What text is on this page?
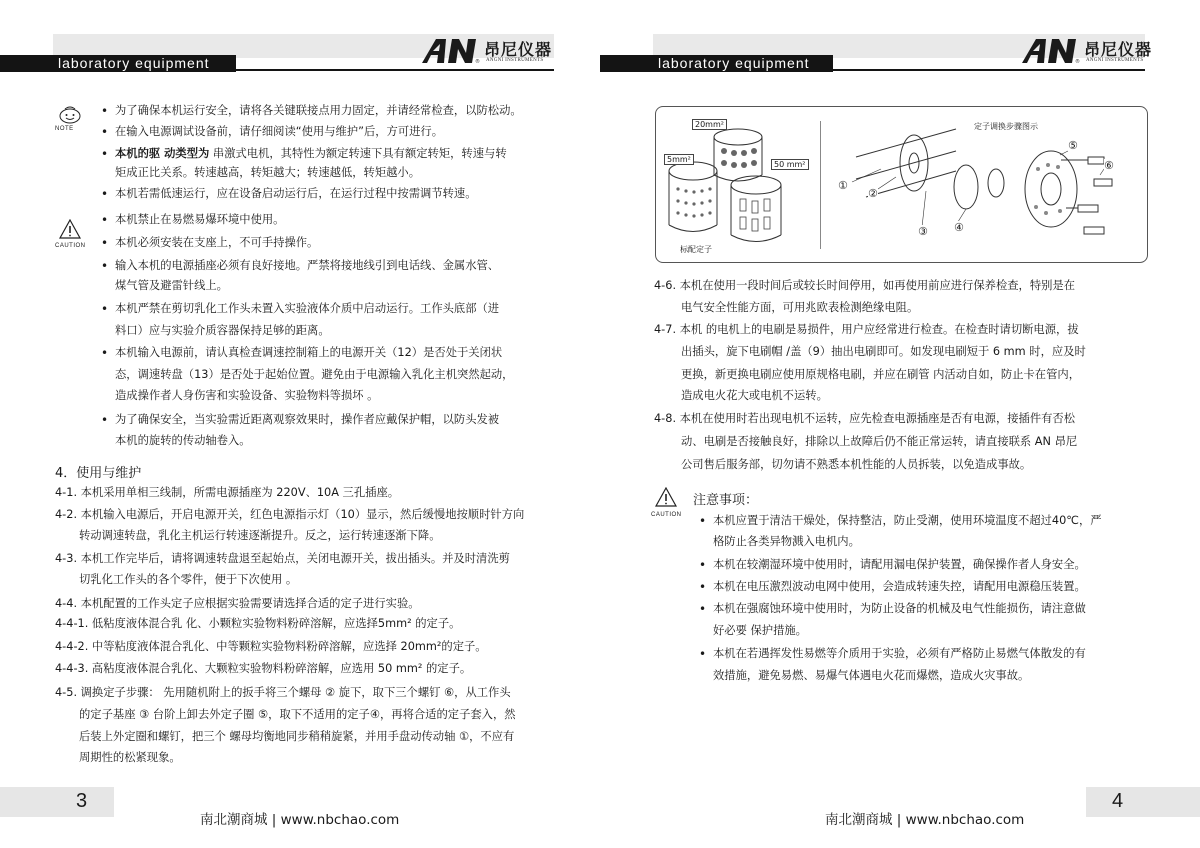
laboratory equipment	®
昂尼仪器
ANGNI INSTRUMENTS
NOTE
CAUTION
• 为了确保本机运行安全，请将各关键联接点用力固定，并请经常检查，以防松动。
• 在输入电源调试设备前，请仔细阅读“使用与维护”后，方可进行。
• 本机的驱 动类型为 串激式电机，其特性为额定转速下具有额定转矩，转速与转
矩成正比关系。转速越高，转矩越大；转速越低，转矩越小。
• 本机若需低速运行，应在设备启动运行后，在运行过程中按需调节转速。
• 本机禁止在易燃易爆环境中使用。
• 本机必须安装在支座上，不可手持操作。
• 输入本机的电源插座必须有良好接地。严禁将接地线引到电话线、金属水管、
煤气管及避雷针线上。
• 本机严禁在剪切乳化工作头未置入实验液体介质中启动运行。工作头底部（进
料口）应与实验介质容器保持足够的距离。
• 本机输入电源前，请认真检查调速控制箱上的电源开关（12）是否处于关闭状
态，调速转盘（13）是否处于起始位置。避免由于电源输入乳化主机突然起动，
造成操作者人身伤害和实验设备、实验物料等损坏 。
• 为了确保安全，当实验需近距离观察效果时，操作者应戴保护帽，以防头发被
本机的旋转的传动轴卷入。
4．使用与维护
4-1. 本机采用单相三线制，所需电源插座为 220V、10A 三孔插座。
4-2. 本机输入电源后，开启电源开关，红色电源指示灯（10）显示，然后缓慢地按顺时针方向
转动调速转盘，乳化主机运行转速逐渐提升。反之，运行转速逐渐下降。
4-3. 本机工作完毕后，请将调速转盘退至起始点，关闭电源开关，拔出插头。并及时清洗剪
切乳化工作头的各个零件，便于下次使用 。
4-4. 本机配置的工作头定子应根据实验需要请选择合适的定子进行实验。
4-4-1. 低粘度液体混合乳 化、小颗粒实验物料粉碎溶解，应选择5mm² 的定子。
4-4-2. 中等粘度液体混合乳化、中等颗粒实验物料粉碎溶解，应选择 20mm²的定子。
4-4-3. 高粘度液体混合乳化、大颗粒实验物料粉碎溶解，应选用 50 mm² 的定子。
4-5. 调换定子步骤： 先用随机附上的扳手将三个螺母 ② 旋下，取下三个螺钉 ⑥，从工作头
的定子基座 ③ 台阶上卸去外定子圈 ⑤，取下不适用的定子④，再将合适的定子套入，然
后装上外定圈和螺钉，把三个 螺母均衡地同步稍稍旋紧，并用手盘动传动轴 ①，不应有
周期性的松紧现象。
3
南北潮商城 | www.nbchao.com
laboratory equipment	®
昂尼仪器
ANGNI INSTRUMENTS
20mm²
5mm²
50 mm²
标配定子
定子调换步骤图示
①
②
③ ④
⑤
⑥
4-6. 本机在使用一段时间后或较长时间停用，如再使用前应进行保养检查，特别是在
电气安全性能方面，可用兆欧表检测绝缘电阻。
4-7. 本机 的电机上的电刷是易损件，用户应经常进行检查。在检查时请切断电源，拔
出插头，旋下电刷帽 /盖（9）抽出电刷即可。如发现电刷短于 6 mm 时，应及时
更换，新更换电刷应使用原规格电刷，并应在刷管 内活动自如，防止卡在管内，
造成电火花大或电机不运转。
4-8. 本机在使用时若出现电机不运转，应先检查电源插座是否有电源，接插件有否松
动、电刷是否接触良好，排除以上故障后仍不能正常运转，请直接联系 AN 昂尼
公司售后服务部，切勿请不熟悉本机性能的人员拆装，以免造成事故。
CAUTION
注意事项：
• 本机应置于清洁干燥处，保持整洁，防止受潮，使用环境温度不超过40℃，严
格防止各类异物溅入电机内。
• 本机在较潮湿环境中使用时，请配用漏电保护装置，确保操作者人身安全。
• 本机在电压激烈波动电网中使用，会造成转速失控，请配用电源稳压装置。
• 本机在强腐蚀环境中使用时，为防止设备的机械及电气性能损伤，请注意做
好必要 保护措施。
• 本机在若遇挥发性易燃等介质用于实验，必须有严格防止易燃气体散发的有
效措施，避免易燃、易爆气体遇电火花而爆燃，造成火灾事故。
4
南北潮商城 | www.nbchao.com
